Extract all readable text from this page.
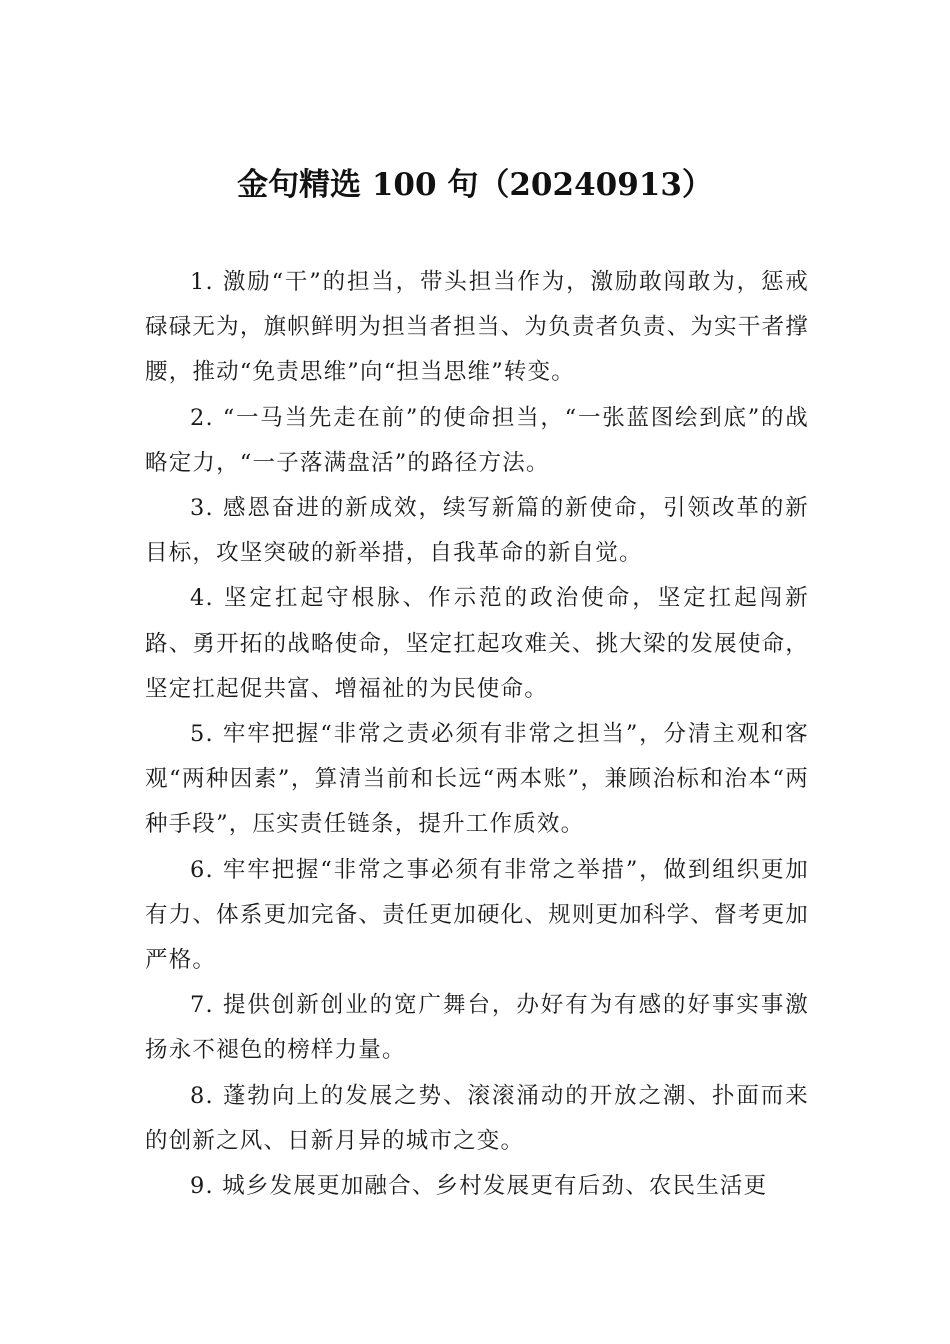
金句精选 100 句（20240913）

1. 激励“干”的担当，带头担当作为，激励敢闯敢为，惩戒碌碌无为，旗帜鲜明为担当者担当、为负责者负责、为实干者撑腰，推动“免责思维”向“担当思维”转变。

2. “一马当先走在前”的使命担当，“一张蓝图绘到底”的战略定力，“一子落满盘活”的路径方法。

3. 感恩奋进的新成效，续写新篇的新使命，引领改革的新目标，攻坚突破的新举措，自我革命的新自觉。

4. 坚定扛起守根脉、作示范的政治使命，坚定扛起闯新路、勇开拓的战略使命，坚定扛起攻难关、挑大梁的发展使命，坚定扛起促共富、增福祉的为民使命。

5. 牢牢把握“非常之责必须有非常之担当”，分清主观和客观“两种因素”，算清当前和长远“两本账”，兼顾治标和治本“两种手段”，压实责任链条，提升工作质效。

6. 牢牢把握“非常之事必须有非常之举措”，做到组织更加有力、体系更加完备、责任更加硬化、规则更加科学、督考更加严格。

7. 提供创新创业的宽广舞台，办好有为有感的好事实事激扬永不褪色的榜样力量。

8. 蓬勃向上的发展之势、滚滚涌动的开放之潮、扑面而来的创新之风、日新月异的城市之变。

9. 城乡发展更加融合、乡村发展更有后劲、农民生活更
